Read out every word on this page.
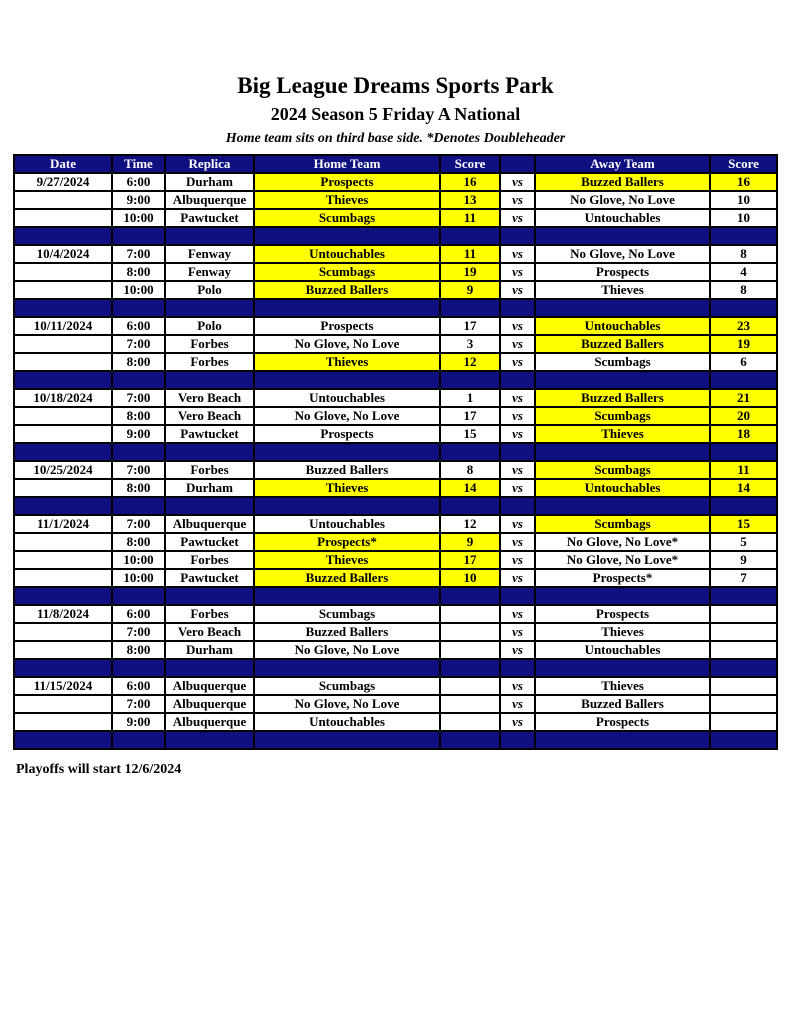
Big League Dreams Sports Park
2024 Season 5 Friday A National
Home team sits on third base side. *Denotes Doubleheader
Date	Time	Replica	Home Team	Score		Away Team	Score
9/27/2024	6:00	Durham	Prospects	16	vs	Buzzed Ballers	16
	9:00	Albuquerque	Thieves	13	vs	No Glove, No Love	10
	10:00	Pawtucket	Scumbags	11	vs	Untouchables	10

10/4/2024	7:00	Fenway	Untouchables	11	vs	No Glove, No Love	8
	8:00	Fenway	Scumbags	19	vs	Prospects	4
	10:00	Polo	Buzzed Ballers	9	vs	Thieves	8

10/11/2024	6:00	Polo	Prospects	17	vs	Untouchables	23
	7:00	Forbes	No Glove, No Love	3	vs	Buzzed Ballers	19
	8:00	Forbes	Thieves	12	vs	Scumbags	6

10/18/2024	7:00	Vero Beach	Untouchables	1	vs	Buzzed Ballers	21
	8:00	Vero Beach	No Glove, No Love	17	vs	Scumbags	20
	9:00	Pawtucket	Prospects	15	vs	Thieves	18

10/25/2024	7:00	Forbes	Buzzed Ballers	8	vs	Scumbags	11
	8:00	Durham	Thieves	14	vs	Untouchables	14

11/1/2024	7:00	Albuquerque	Untouchables	12	vs	Scumbags	15
	8:00	Pawtucket	Prospects*	9	vs	No Glove, No Love*	5
	10:00	Forbes	Thieves	17	vs	No Glove, No Love*	9
	10:00	Pawtucket	Buzzed Ballers	10	vs	Prospects*	7

11/8/2024	6:00	Forbes	Scumbags		vs	Prospects	
	7:00	Vero Beach	Buzzed Ballers		vs	Thieves	
	8:00	Durham	No Glove, No Love		vs	Untouchables	

11/15/2024	6:00	Albuquerque	Scumbags		vs	Thieves	
	7:00	Albuquerque	No Glove, No Love		vs	Buzzed Ballers	
	9:00	Albuquerque	Untouchables		vs	Prospects	

Playoffs will start 12/6/2024
